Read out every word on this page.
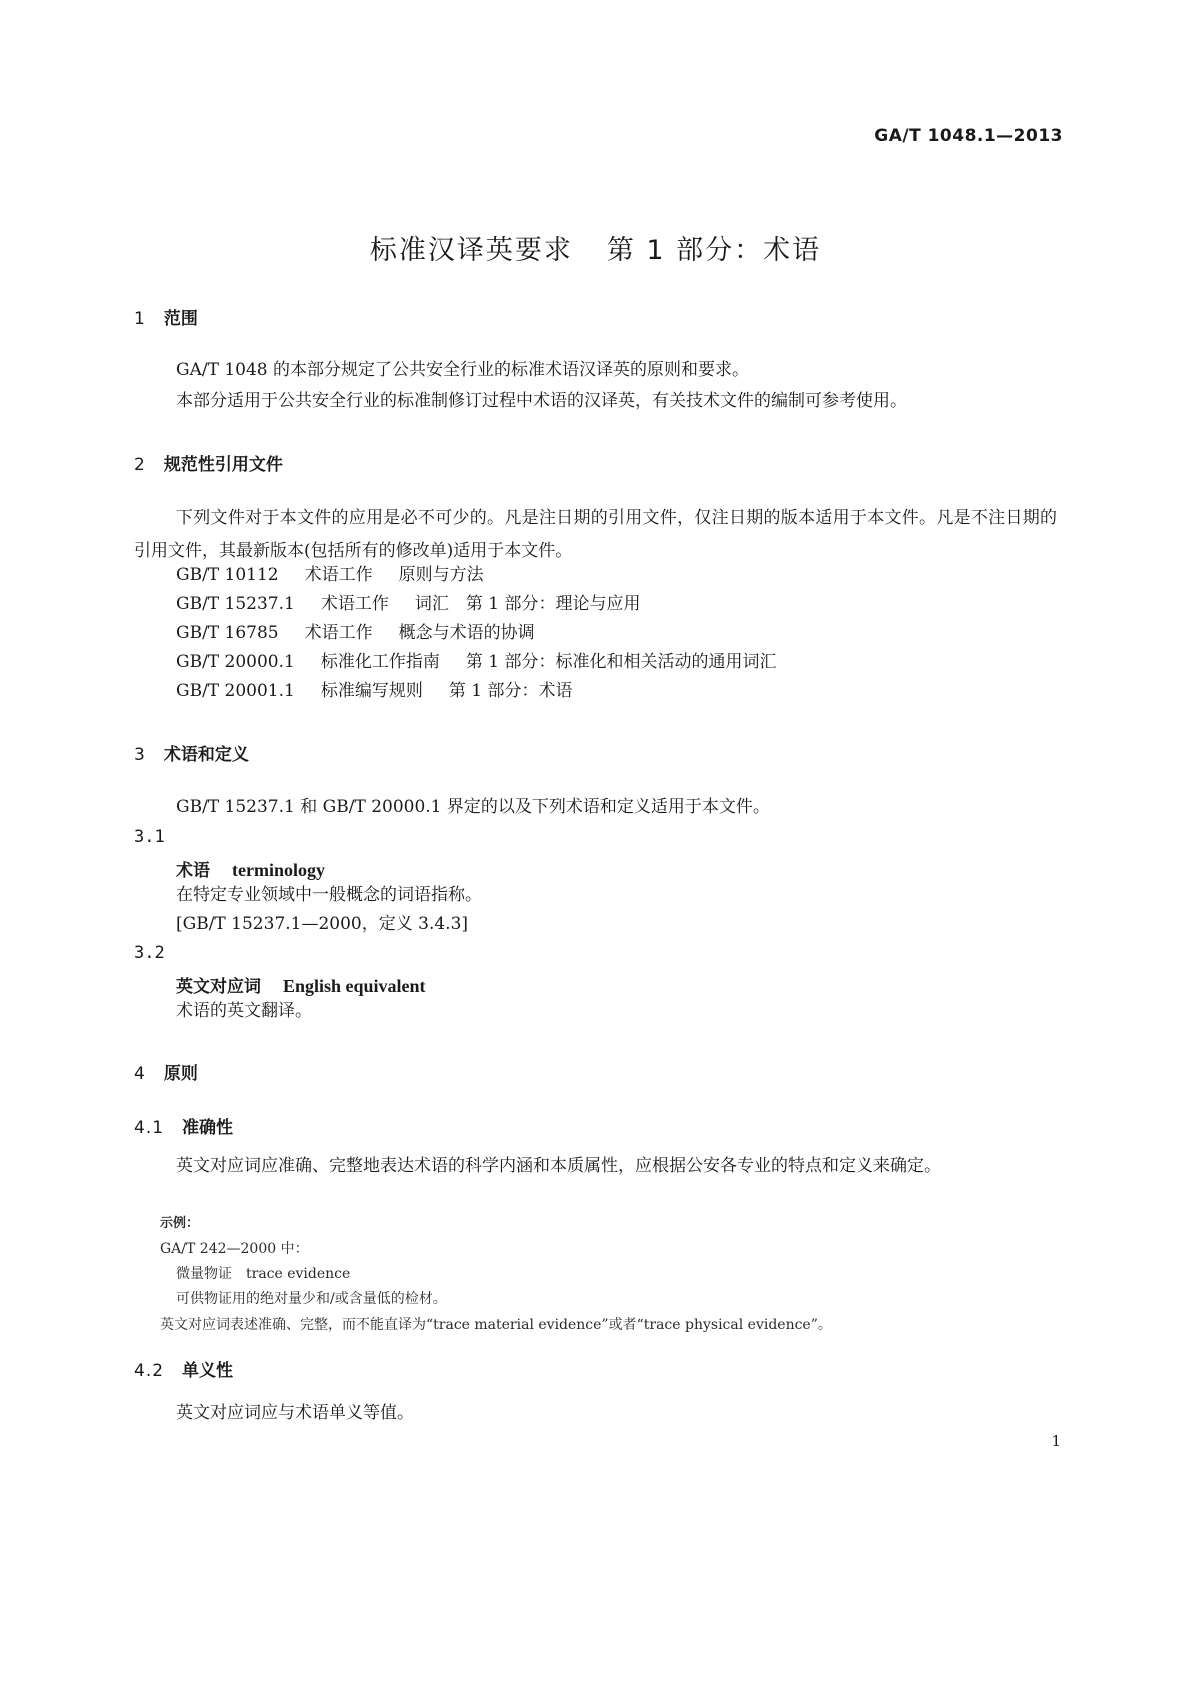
GA/T 1048.1—2013
标准汉译英要求 第 1 部分：术语
1 范围
GA/T 1048 的本部分规定了公共安全行业的标准术语汉译英的原则和要求。
本部分适用于公共安全行业的标准制修订过程中术语的汉译英，有关技术文件的编制可参考使用。
2 规范性引用文件
下列文件对于本文件的应用是必不可少的。凡是注日期的引用文件，仅注日期的版本适用于本文件。凡是不注日期的引用文件，其最新版本(包括所有的修改单)适用于本文件。
GB/T 10112 术语工作 原则与方法
GB/T 15237.1 术语工作 词汇　第 1 部分：理论与应用
GB/T 16785 术语工作 概念与术语的协调
GB/T 20000.1 标准化工作指南 第 1 部分：标准化和相关活动的通用词汇
GB/T 20001.1 标准编写规则 第 1 部分：术语
3 术语和定义
GB/T 15237.1 和 GB/T 20000.1 界定的以及下列术语和定义适用于本文件。
3.1
术语 terminology
在特定专业领域中一般概念的词语指称。
[GB/T 15237.1—2000，定义 3.4.3]
3.2
英文对应词 English equivalent
术语的英文翻译。
4 原则
4.1 准确性
英文对应词应准确、完整地表达术语的科学内涵和本质属性，应根据公安各专业的特点和定义来确定。
示例：
GA/T 242—2000 中：
微量物证　trace evidence
可供物证用的绝对量少和/或含量低的检材。
英文对应词表述准确、完整，而不能直译为“trace material evidence”或者“trace physical evidence”。
4.2 单义性
英文对应词应与术语单义等值。
1
